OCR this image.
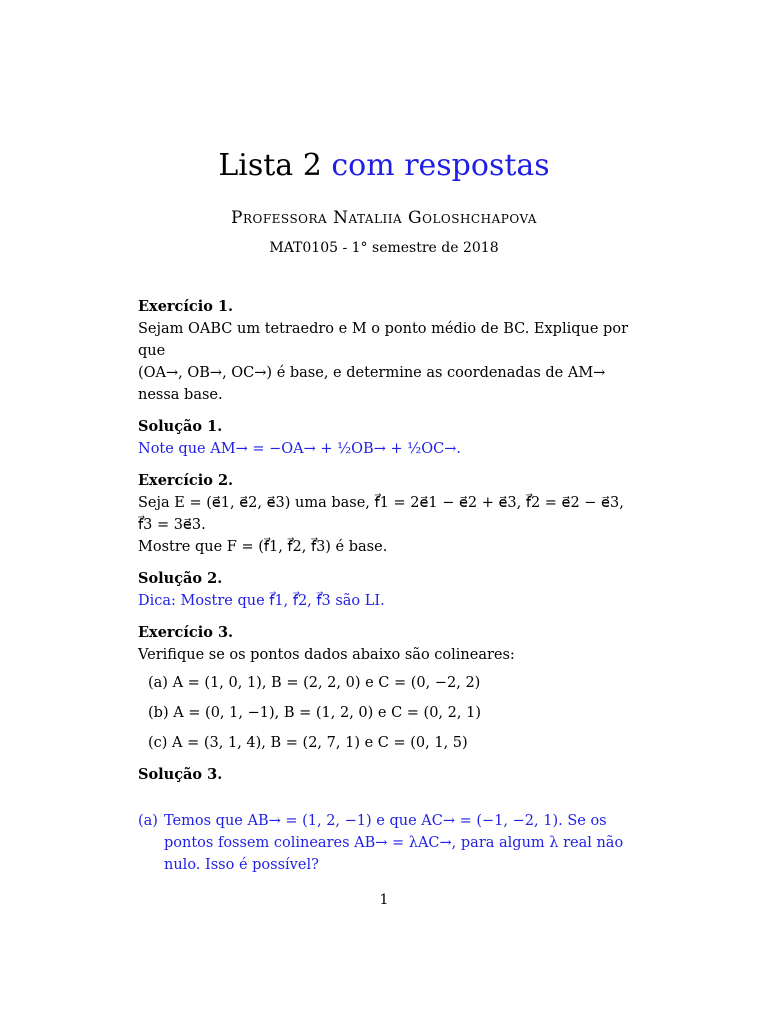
Lista 2 com respostas
Professora Nataliia Goloshchapova
MAT0105 - 1° semestre de 2018

Exercício 1.

Sejam OABC um tetraedro e M o ponto médio de BC. Explique por que

(OA→, OB→, OC→) é base, e determine as coordenadas de AM→ nessa base.

Solução 1.

Note que AM→ = −OA→ + ½OB→ + ½OC→.

Exercício 2.

Seja E = (e⃗1, e⃗2, e⃗3) uma base, f⃗1 = 2e⃗1 − e⃗2 + e⃗3, f⃗2 = e⃗2 − e⃗3, f⃗3 = 3e⃗3.

Mostre que F = (f⃗1, f⃗2, f⃗3) é base.

Solução 2.

Dica: Mostre que f⃗1, f⃗2, f⃗3 são LI.

Exercício 3.

Verifique se os pontos dados abaixo são colineares:

(a) A = (1, 0, 1), B = (2, 2, 0) e C = (0, −2, 2)

(b) A = (0, 1, −1), B = (1, 2, 0) e C = (0, 2, 1)

(c) A = (3, 1, 4), B = (2, 7, 1) e C = (0, 1, 5)

Solução 3.

(a) Temos que AB→ = (1, 2, −1) e que AC→ = (−1, −2, 1). Se os pontos fossem colineares AB→ = λAC→, para algum λ real não nulo. Isso é possível?
1
